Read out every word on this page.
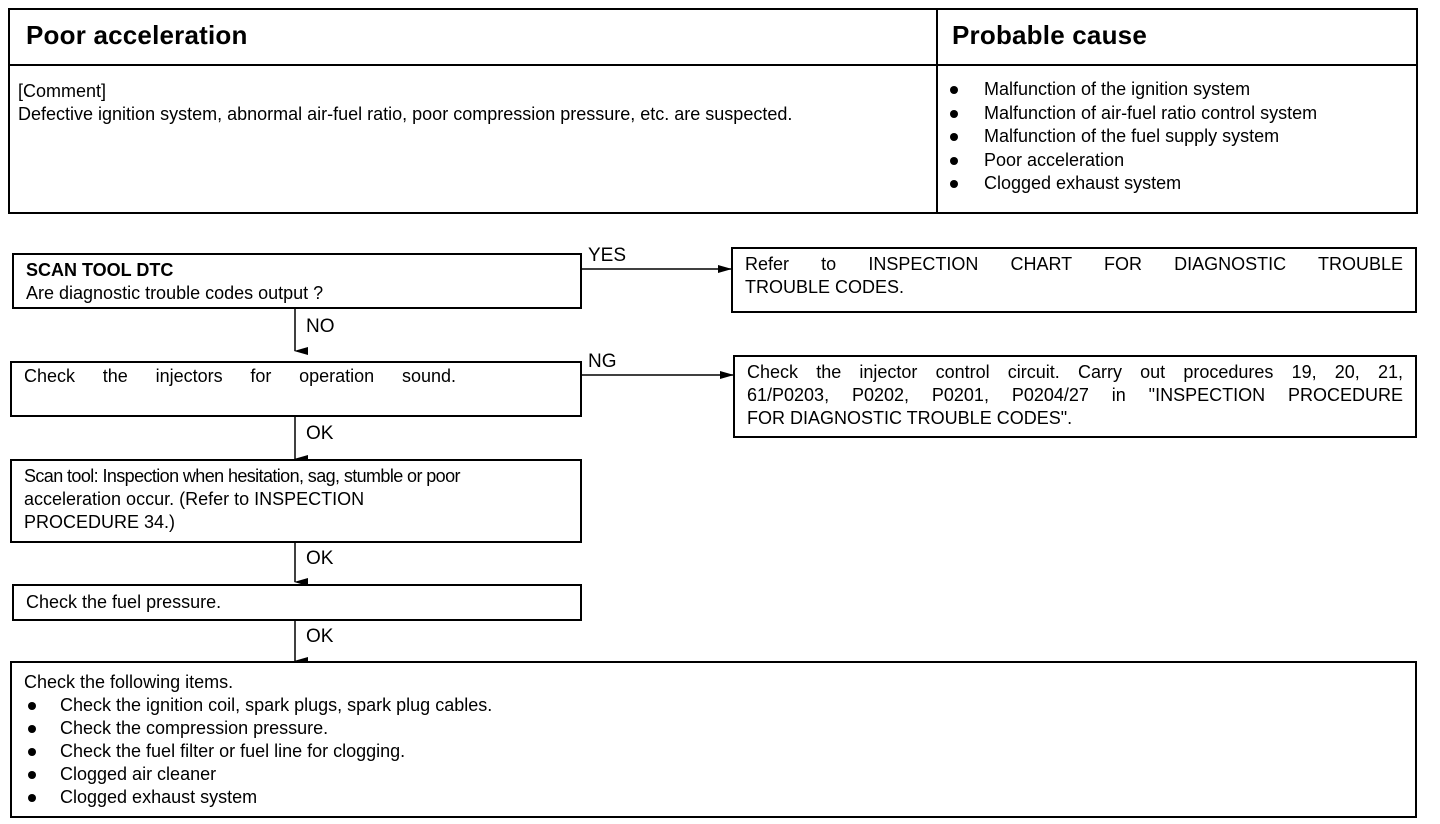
Poor acceleration	Probable cause
[Comment]
Defective ignition system, abnormal air-fuel ratio, poor compression pressure, etc. are suspected.
Malfunction of the ignition system
Malfunction of air-fuel ratio control system
Malfunction of the fuel supply system
Poor acceleration
Clogged exhaust system
SCAN TOOL DTC
Are diagnostic trouble codes output ?
YES
NO
Refer to INSPECTION CHART FOR DIAGNOSTIC TROUBLE
TROUBLE CODES.
Check the injectors for operation sound.
NG
OK
Check the injector control circuit. Carry out procedures 19, 20, 21,
61/P0203, P0202, P0201, P0204/27 in "INSPECTION PROCEDURE
FOR DIAGNOSTIC TROUBLE CODES".
Scan tool: Inspection when hesitation, sag, stumble or poor
acceleration occur. (Refer to INSPECTION
PROCEDURE 34.)
OK
Check the fuel pressure.
OK
Check the following items.
Check the ignition coil, spark plugs, spark plug cables.
Check the compression pressure.
Check the fuel filter or fuel line for clogging.
Clogged air cleaner
Clogged exhaust system
